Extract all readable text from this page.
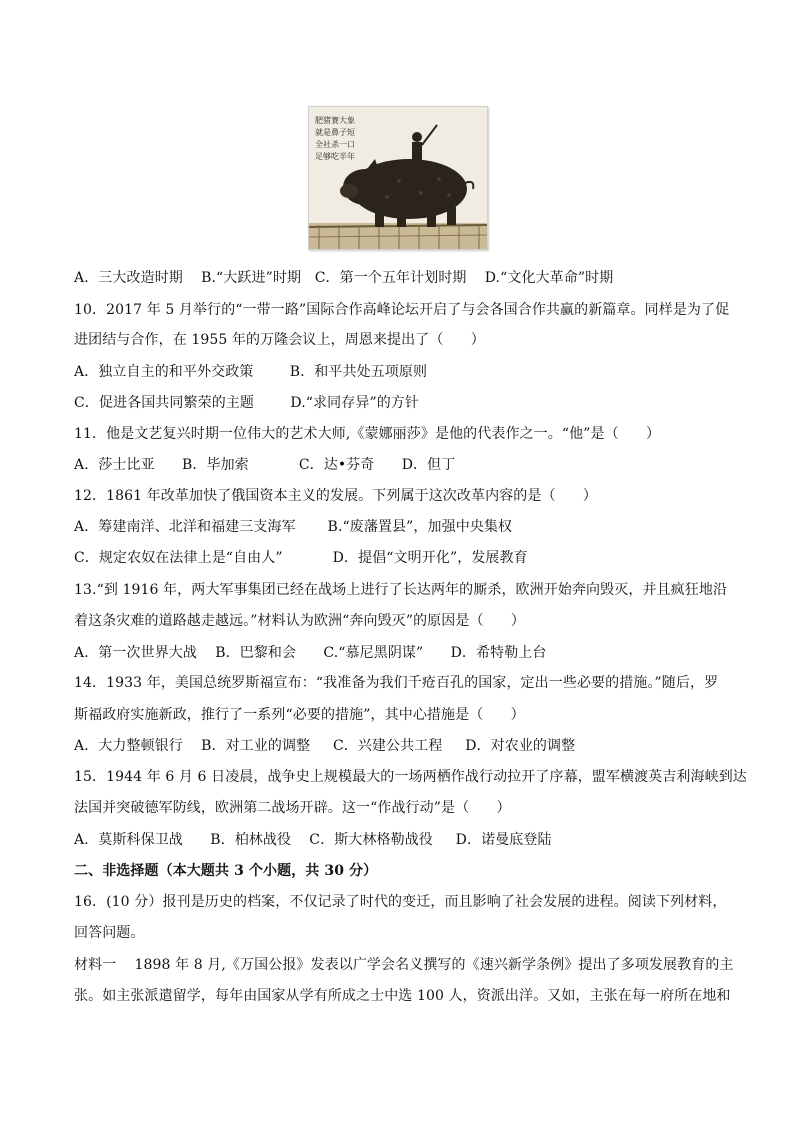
肥猪赛大象
就是鼻子短
全社杀一口
足够吃半年
A．三大改造时期    B.“大跃进”时期   C．第一个五年计划时期    D.“文化大革命”时期
10．2017 年 5 月举行的“一带一路”国际合作高峰论坛开启了与会各国合作共赢的新篇章。同样是为了促
进团结与合作，在 1955 年的万隆会议上，周恩来提出了（      ）
A．独立自主的和平外交政策        B．和平共处五项原则
C．促进各国共同繁荣的主题        D.“求同存异”的方针
11．他是文艺复兴时期一位伟大的艺术大师,《蒙娜丽莎》是他的代表作之一。“他”是（      ）
A．莎士比亚      B．毕加索           C．达•芬奇      D．但丁
12．1861 年改革加快了俄国资本主义的发展。下列属于这次改革内容的是（      ）
A．筹建南洋、北洋和福建三支海军       B.“废藩置县”，加强中央集权
C．规定农奴在法律上是“自由人”           D．提倡“文明开化”，发展教育
13.“到 1916 年，两大军事集团已经在战场上进行了长达两年的厮杀，欧洲开始奔向毁灭，并且疯狂地沿
着这条灾难的道路越走越远。”材料认为欧洲“奔向毁灭”的原因是（      ）
A．第一次世界大战    B．巴黎和会      C.“慕尼黑阴谋”      D．希特勒上台
14．1933 年，美国总统罗斯福宣布：“我准备为我们千疮百孔的国家，定出一些必要的措施。”随后，罗
斯福政府实施新政，推行了一系列“必要的措施”，其中心措施是（      ）
A．大力整顿银行    B．对工业的调整     C．兴建公共工程     D．对农业的调整
15．1944 年 6 月 6 日凌晨，战争史上规模最大的一场两栖作战行动拉开了序幕，盟军横渡英吉利海峡到达
法国并突破德军防线，欧洲第二战场开辟。这一“作战行动”是（      ）
A．莫斯科保卫战      B．柏林战役    C．斯大林格勒战役     D．诺曼底登陆
二、非选择题（本大题共 3 个小题，共 30 分）
16．(10 分）报刊是历史的档案，不仅记录了时代的变迁，而且影响了社会发展的进程。阅读下列材料，
回答问题。
材料一    1898 年 8 月,《万国公报》发表以广学会名义撰写的《速兴新学条例》提出了多项发展教育的主
张。如主张派遣留学，每年由国家从学有所成之士中选 100 人，资派出洋。又如，主张在每一府所在地和
